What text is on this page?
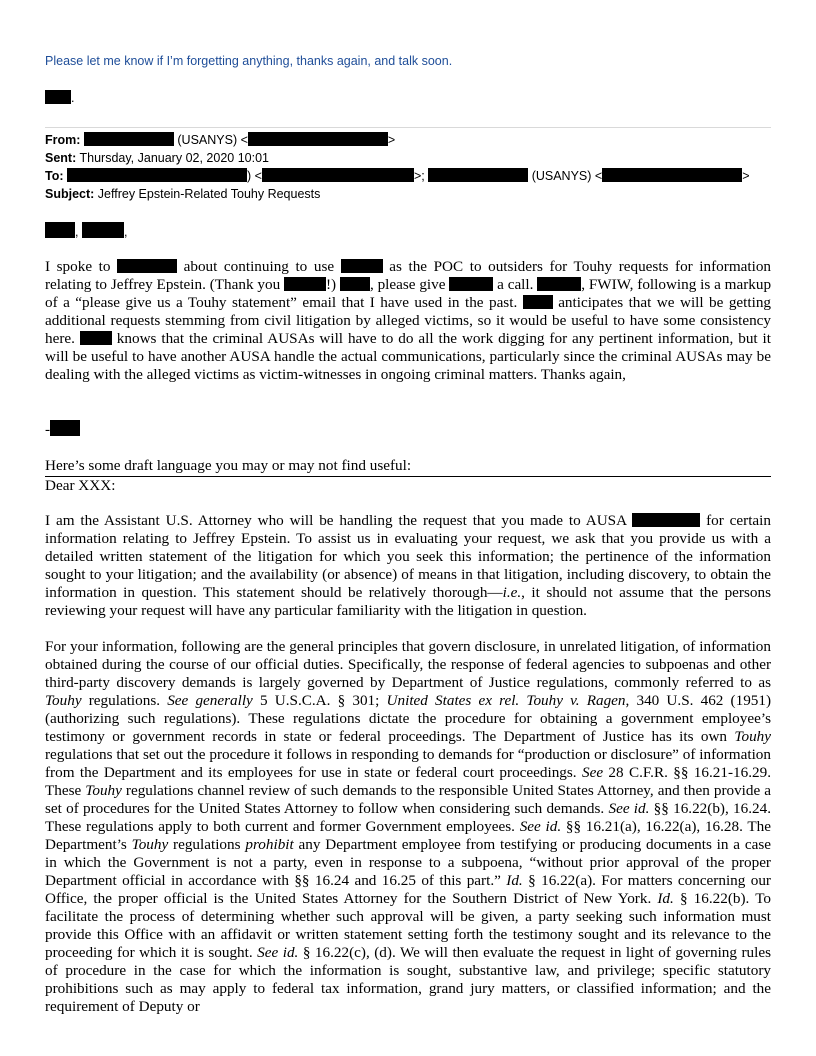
Please let me know if I’m forgetting anything, thanks again, and talk soon.
.
From:	(USANYS) <	>
Sent: Thursday, January 02, 2020 10:01
To:	) <	>;	(USANYS) <	>
Subject: Jeffrey Epstein-Related Touhy Requests
,	,
I spoke to	about continuing to use	as the POC to outsiders for Touhy requests for information relating to Jeffrey Epstein. (Thank you	!) , please give	a call.	, FWIW, following is a markup of a “please give us a Touhy statement” email that I have used in the past.	anticipates that we will be getting additional requests stemming from civil litigation by alleged victims, so it would be useful to have some consistency here.	knows that the criminal AUSAs will have to do all the work digging for any pertinent information, but it will be useful to have another AUSA handle the actual communications, particularly since the criminal AUSAs may be dealing with the alleged victims as victim-witnesses in ongoing criminal matters. Thanks again,
-
Here’s some draft language you may or may not find useful:
Dear XXX:
I am the Assistant U.S. Attorney who will be handling the request that you made to AUSA	for certain information relating to Jeffrey Epstein. To assist us in evaluating your request, we ask that you provide us with a detailed written statement of the litigation for which you seek this information; the pertinence of the information sought to your litigation; and the availability (or absence) of means in that litigation, including discovery, to obtain the information in question. This statement should be relatively thorough—i.e., it should not assume that the persons reviewing your request will have any particular familiarity with the litigation in question.
For your information, following are the general principles that govern disclosure, in unrelated litigation, of information obtained during the course of our official duties. Specifically, the response of federal agencies to subpoenas and other third-party discovery demands is largely governed by Department of Justice regulations, commonly referred to as Touhy regulations. See generally 5 U.S.C.A. § 301; United States ex rel. Touhy v. Ragen, 340 U.S. 462 (1951) (authorizing such regulations). These regulations dictate the procedure for obtaining a government employee’s testimony or government records in state or federal proceedings. The Department of Justice has its own Touhy regulations that set out the procedure it follows in responding to demands for “production or disclosure” of information from the Department and its employees for use in state or federal court proceedings. See 28 C.F.R. §§ 16.21-16.29. These Touhy regulations channel review of such demands to the responsible United States Attorney, and then provide a set of procedures for the United States Attorney to follow when considering such demands. See id. §§ 16.22(b), 16.24. These regulations apply to both current and former Government employees. See id. §§ 16.21(a), 16.22(a), 16.28. The Department’s Touhy regulations prohibit any Department employee from testifying or producing documents in a case in which the Government is not a party, even in response to a subpoena, “without prior approval of the proper Department official in accordance with §§ 16.24 and 16.25 of this part.” Id. § 16.22(a). For matters concerning our Office, the proper official is the United States Attorney for the Southern District of New York. Id. § 16.22(b). To facilitate the process of determining whether such approval will be given, a party seeking such information must provide this Office with an affidavit or written statement setting forth the testimony sought and its relevance to the proceeding for which it is sought. See id. § 16.22(c), (d). We will then evaluate the request in light of governing rules of procedure in the case for which the information is sought, substantive law, and privilege; specific statutory prohibitions such as may apply to federal tax information, grand jury matters, or classified information; and the requirement of Deputy or
